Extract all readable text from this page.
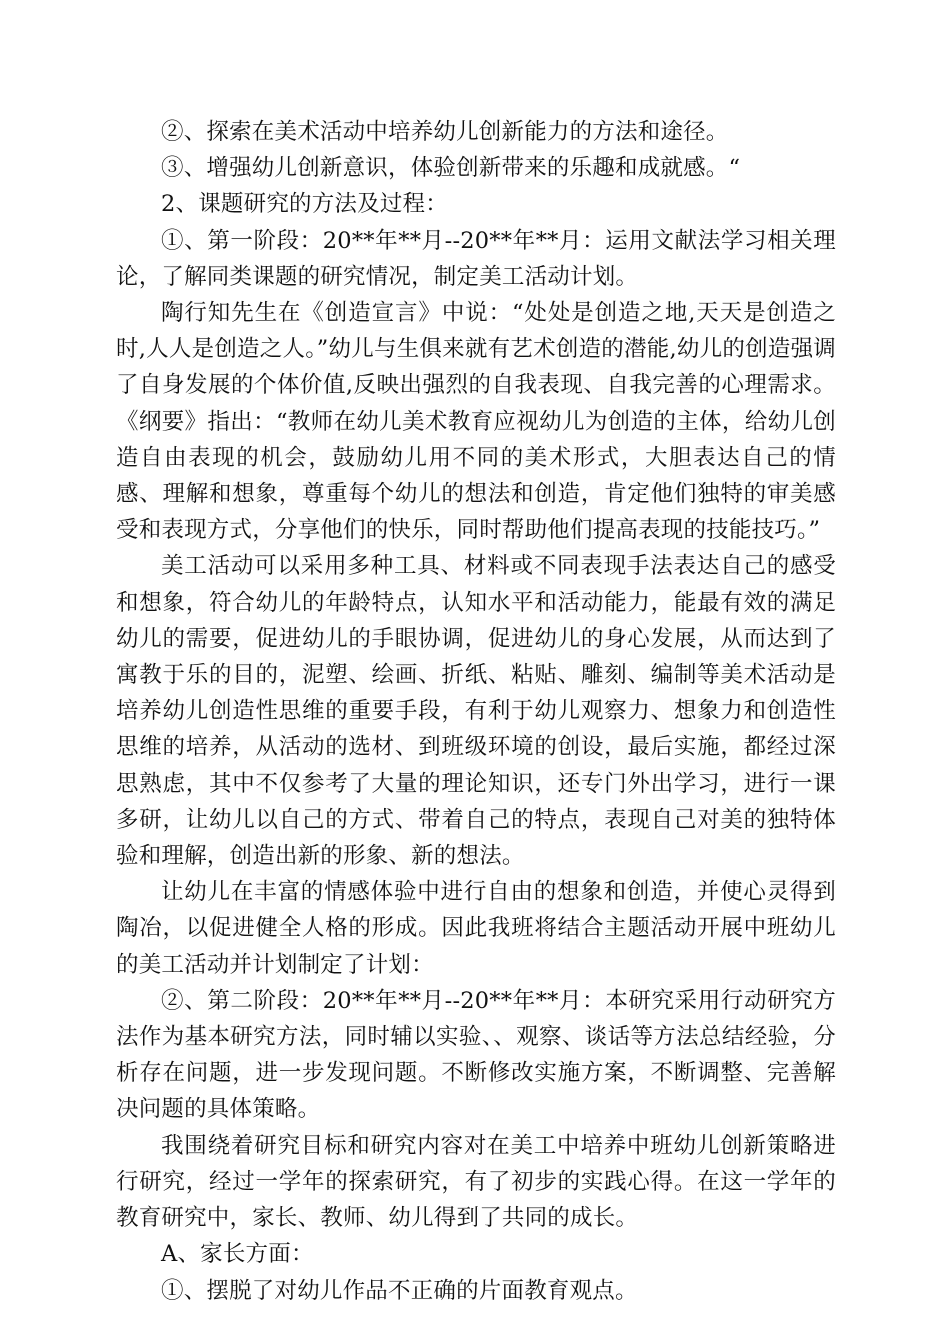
②、探索在美术活动中培养幼儿创新能力的方法和途径。

③、增强幼儿创新意识，体验创新带来的乐趣和成就感。“

2、课题研究的方法及过程：

①、第一阶段：20**年**月--20**年**月：运用文献法学习相关理论，了解同类课题的研究情况，制定美工活动计划。

陶行知先生在《创造宣言》中说：“处处是创造之地,天天是创造之时,人人是创造之人。”幼儿与生俱来就有艺术创造的潜能,幼儿的创造强调了自身发展的个体价值,反映出强烈的自我表现、自我完善的心理需求。《纲要》指出：“教师在幼儿美术教育应视幼儿为创造的主体，给幼儿创造自由表现的机会，鼓励幼儿用不同的美术形式，大胆表达自己的情感、理解和想象，尊重每个幼儿的想法和创造，肯定他们独特的审美感受和表现方式，分享他们的快乐，同时帮助他们提高表现的技能技巧。”

美工活动可以采用多种工具、材料或不同表现手法表达自己的感受和想象，符合幼儿的年龄特点，认知水平和活动能力，能最有效的满足幼儿的需要，促进幼儿的手眼协调，促进幼儿的身心发展，从而达到了寓教于乐的目的，泥塑、绘画、折纸、粘贴、雕刻、编制等美术活动是培养幼儿创造性思维的重要手段，有利于幼儿观察力、想象力和创造性思维的培养，从活动的选材、到班级环境的创设，最后实施，都经过深思熟虑，其中不仅参考了大量的理论知识，还专门外出学习，进行一课多研，让幼儿以自己的方式、带着自己的特点，表现自己对美的独特体验和理解，创造出新的形象、新的想法。

让幼儿在丰富的情感体验中进行自由的想象和创造，并使心灵得到陶冶，以促进健全人格的形成。因此我班将结合主题活动开展中班幼儿的美工活动并计划制定了计划：

②、第二阶段：20**年**月--20**年**月：本研究采用行动研究方法作为基本研究方法，同时辅以实验、、观察、谈话等方法总结经验，分析存在问题，进一步发现问题。不断修改实施方案，不断调整、完善解决问题的具体策略。

我围绕着研究目标和研究内容对在美工中培养中班幼儿创新策略进行研究，经过一学年的探索研究，有了初步的实践心得。在这一学年的教育研究中，家长、教师、幼儿得到了共同的成长。

A、家长方面：

①、摆脱了对幼儿作品不正确的片面教育观点。
